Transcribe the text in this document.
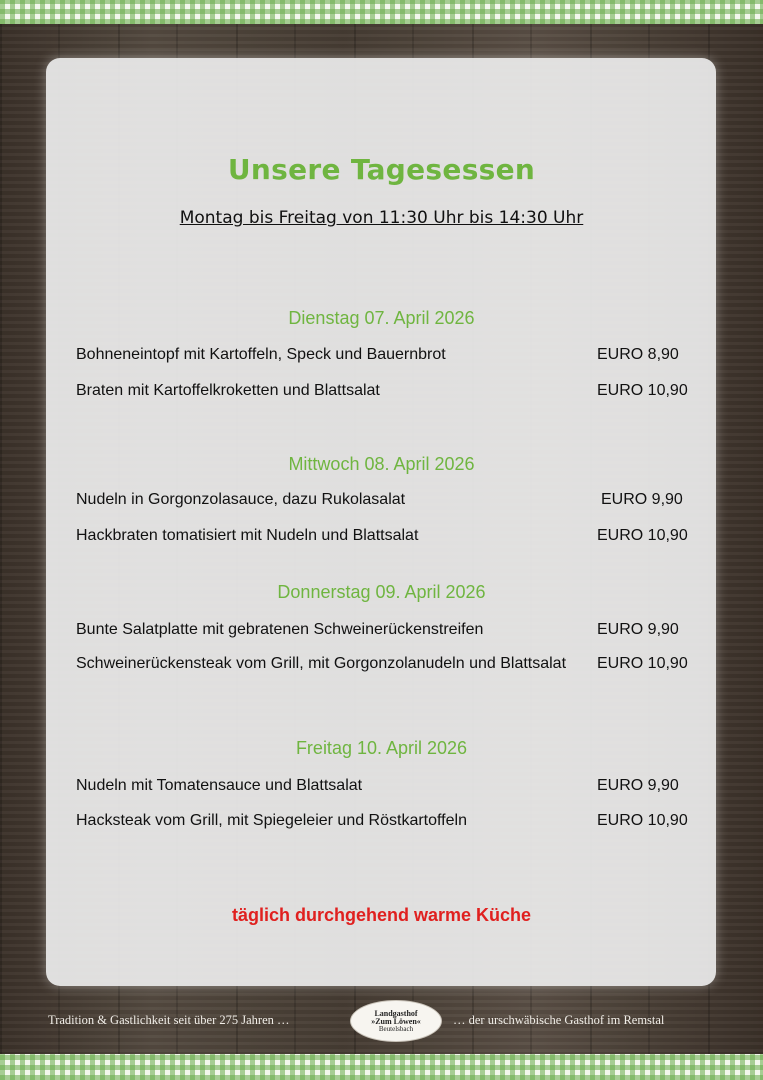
Unsere Tagesessen
Montag bis Freitag von 11:30 Uhr bis 14:30 Uhr
Dienstag 07. April 2026
Bohneneintopf mit Kartoffeln, Speck und Bauernbrot	EURO 8,90
Braten mit Kartoffelkroketten und Blattsalat	EURO 10,90
Mittwoch 08. April 2026
Nudeln in Gorgonzolasauce, dazu Rukolasalat	EURO 9,90
Hackbraten tomatisiert mit Nudeln und Blattsalat	EURO 10,90
Donnerstag 09. April 2026
Bunte Salatplatte mit gebratenen Schweinerückenstreifen	EURO 9,90
Schweinerückensteak vom Grill, mit Gorgonzolanudeln und Blattsalat EURO 10,90
Freitag 10. April 2026
Nudeln mit Tomatensauce und Blattsalat	EURO 9,90
Hacksteak vom Grill, mit Spiegeleier und Röstkartoffeln	EURO 10,90
täglich durchgehend warme Küche
Tradition & Gastlichkeit seit über 275 Jahren …	Landgasthof
»Zum Löwen«
Beutelsbach
… der urschwäbische Gasthof im Remstal
